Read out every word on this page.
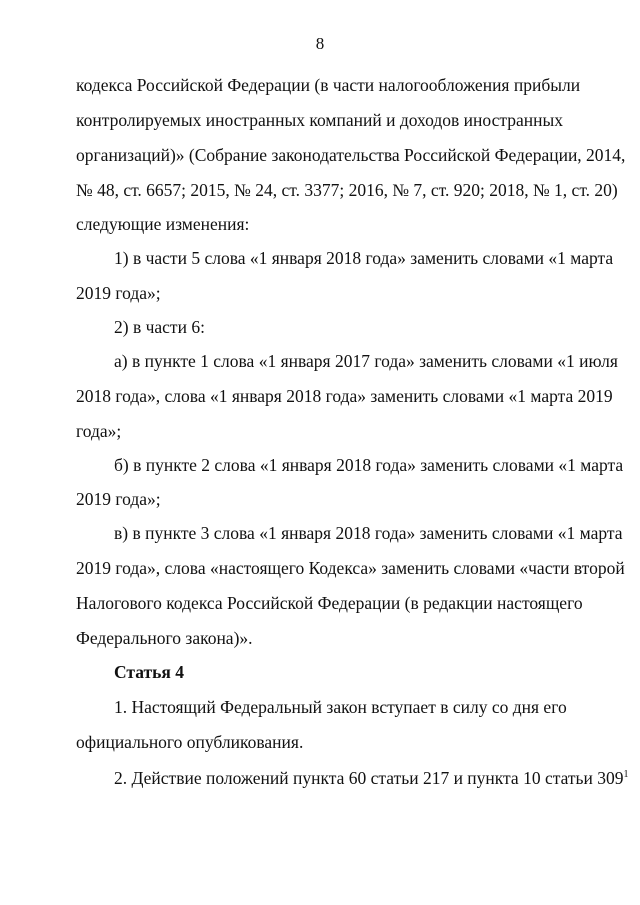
8
кодекса Российской Федерации (в части налогообложения прибыли
контролируемых иностранных компаний и доходов иностранных
организаций)» (Собрание законодательства Российской Федерации, 2014,
№ 48, ст. 6657; 2015, № 24, ст. 3377; 2016, № 7, ст. 920; 2018, № 1, ст. 20)
следующие изменения:
1) в части 5 слова «1 января 2018 года» заменить словами «1 марта
2019 года»;
2) в части 6:
а) в пункте 1 слова «1 января 2017 года» заменить словами «1 июля
2018 года», слова «1 января 2018 года» заменить словами «1 марта 2019
года»;
б) в пункте 2 слова «1 января 2018 года» заменить словами «1 марта
2019 года»;
в) в пункте 3 слова «1 января 2018 года» заменить словами «1 марта
2019 года», слова «настоящего Кодекса» заменить словами «части второй
Налогового кодекса Российской Федерации (в редакции настоящего
Федерального закона)».
Статья 4
1. Настоящий Федеральный закон вступает в силу со дня его
официального опубликования.
2. Действие положений пункта 60 статьи 217 и пункта 10 статьи $309^1$
